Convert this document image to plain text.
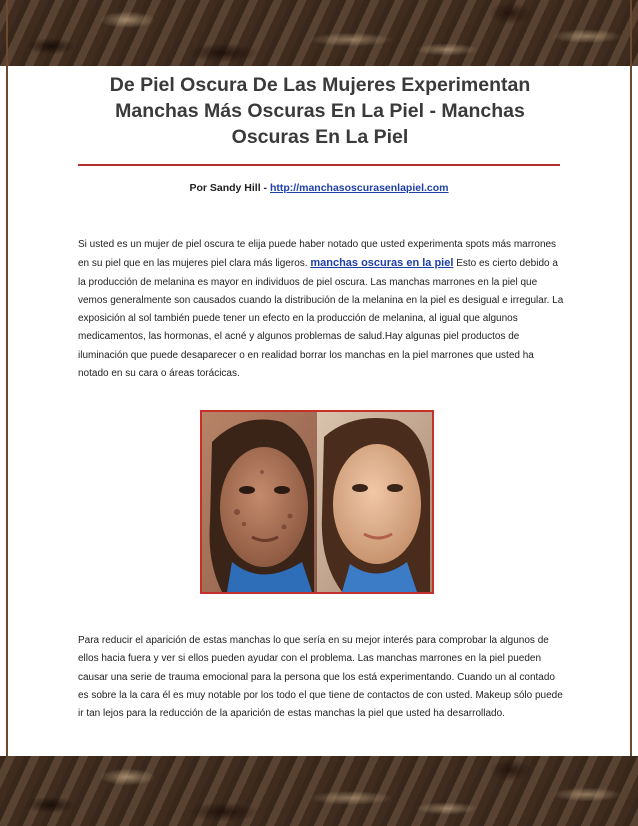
De Piel Oscura De Las Mujeres Experimentan Manchas Más Oscuras En La Piel - Manchas Oscuras En La Piel
Por Sandy Hill - http://manchasoscurasenlapiel.com

Si usted es un mujer de piel oscura te elija puede haber notado que usted experimenta spots más marrones en su piel que en las mujeres piel clara más ligeros. manchas oscuras en la piel Esto es cierto debido a la producción de melanina es mayor en individuos de piel oscura. Las manchas marrones en la piel que vemos generalmente son causados cuando la distribución de la melanina en la piel es desigual e irregular. La exposición al sol también puede tener un efecto en la producción de melanina, al igual que algunos medicamentos, las hormonas, el acné y algunos problemas de salud.Hay algunas piel productos de iluminación que puede desaparecer o en realidad borrar los manchas en la piel marrones que usted ha notado en su cara o áreas torácicas.

Para reducir el aparición de estas manchas lo que sería en su mejor interés para comprobar la algunos de ellos hacia fuera y ver si ellos pueden ayudar con el problema. Las manchas marrones en la piel pueden causar una serie de trauma emocional para la persona que los está experimentando. Cuando un al contado es sobre la la cara él es muy notable por los todo el que tiene de contactos de con usted. Makeup sólo puede ir tan lejos para la reducción de la aparición de estas manchas la piel que usted ha desarrollado.
